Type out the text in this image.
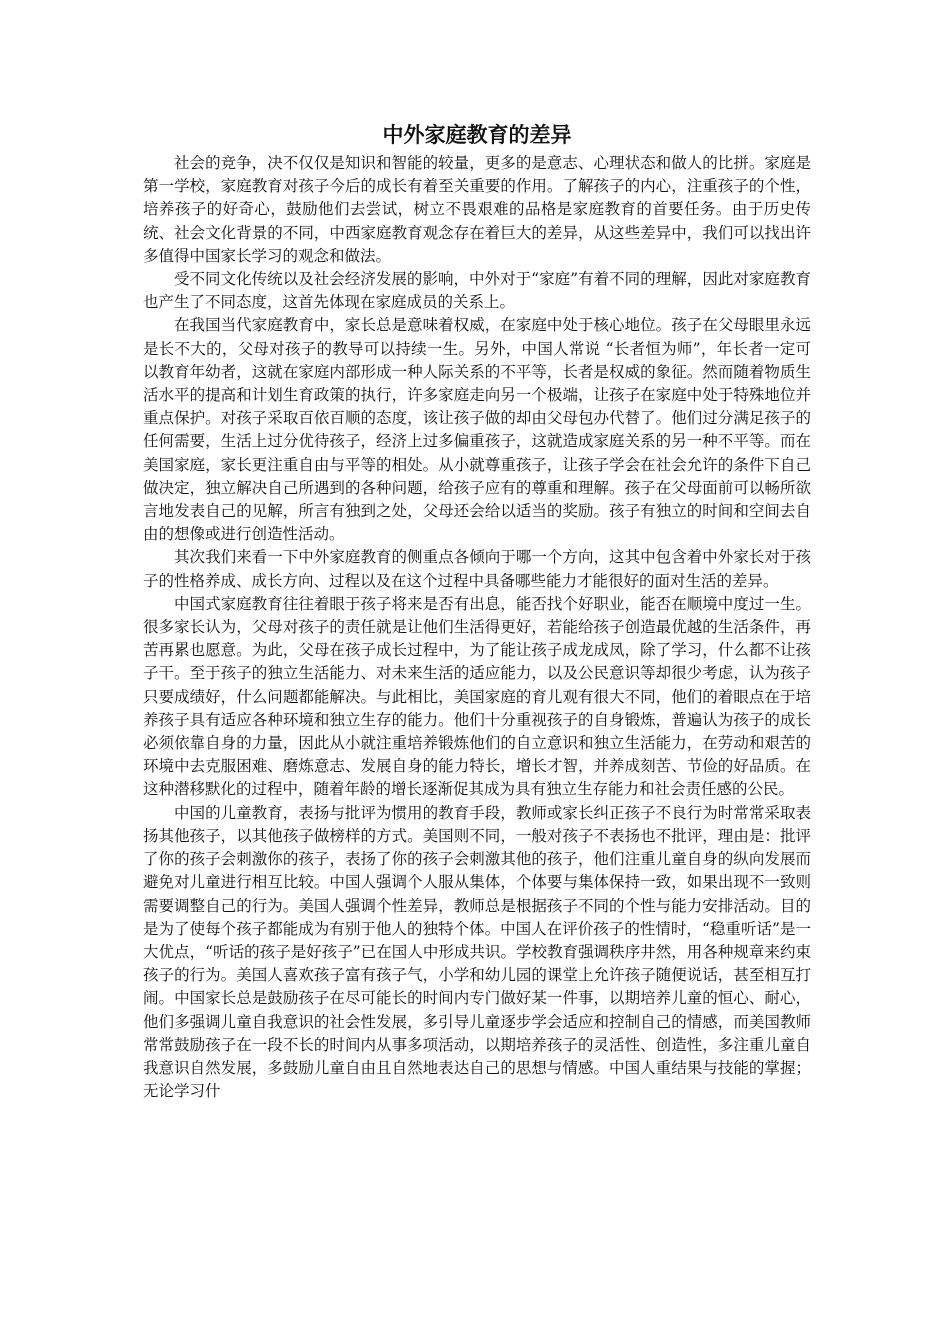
中外家庭教育的差异

社会的竞争，决不仅仅是知识和智能的较量，更多的是意志、心理状态和做人的比拼。家庭是第一学校，家庭教育对孩子今后的成长有着至关重要的作用。了解孩子的内心，注重孩子的个性，培养孩子的好奇心，鼓励他们去尝试，树立不畏艰难的品格是家庭教育的首要任务。由于历史传统、社会文化背景的不同，中西家庭教育观念存在着巨大的差异，从这些差异中，我们可以找出许多值得中国家长学习的观念和做法。

受不同文化传统以及社会经济发展的影响，中外对于“家庭”有着不同的理解，因此对家庭教育也产生了不同态度，这首先体现在家庭成员的关系上。

在我国当代家庭教育中，家长总是意味着权威，在家庭中处于核心地位。孩子在父母眼里永远是长不大的，父母对孩子的教导可以持续一生。另外，中国人常说 “长者恒为师”，年长者一定可以教育年幼者，这就在家庭内部形成一种人际关系的不平等，长者是权威的象征。然而随着物质生活水平的提高和计划生育政策的执行，许多家庭走向另一个极端，让孩子在家庭中处于特殊地位并重点保护。对孩子采取百依百顺的态度，该让孩子做的却由父母包办代替了。他们过分满足孩子的任何需要，生活上过分优待孩子，经济上过多偏重孩子，这就造成家庭关系的另一种不平等。而在美国家庭，家长更注重自由与平等的相处。从小就尊重孩子，让孩子学会在社会允许的条件下自己做决定，独立解决自己所遇到的各种问题，给孩子应有的尊重和理解。孩子在父母面前可以畅所欲言地发表自己的见解，所言有独到之处，父母还会给以适当的奖励。孩子有独立的时间和空间去自由的想像或进行创造性活动。

其次我们来看一下中外家庭教育的侧重点各倾向于哪一个方向，这其中包含着中外家长对于孩子的性格养成、成长方向、过程以及在这个过程中具备哪些能力才能很好的面对生活的差异。

中国式家庭教育往往着眼于孩子将来是否有出息，能否找个好职业，能否在顺境中度过一生。很多家长认为，父母对孩子的责任就是让他们生活得更好，若能给孩子创造最优越的生活条件，再苦再累也愿意。为此，父母在孩子成长过程中，为了能让孩子成龙成凤，除了学习，什么都不让孩子干。至于孩子的独立生活能力、对未来生活的适应能力，以及公民意识等却很少考虑，认为孩子只要成绩好，什么问题都能解决。与此相比，美国家庭的育儿观有很大不同，他们的着眼点在于培养孩子具有适应各种环境和独立生存的能力。他们十分重视孩子的自身锻炼，普遍认为孩子的成长必须依靠自身的力量，因此从小就注重培养锻炼他们的自立意识和独立生活能力，在劳动和艰苦的环境中去克服困难、磨炼意志、发展自身的能力特长，增长才智，并养成刻苦、节俭的好品质。在这种潜移默化的过程中，随着年龄的增长逐渐促其成为具有独立生存能力和社会责任感的公民。

中国的儿童教育，表扬与批评为惯用的教育手段，教师或家长纠正孩子不良行为时常常采取表扬其他孩子，以其他孩子做榜样的方式。美国则不同，一般对孩子不表扬也不批评，理由是：批评了你的孩子会刺激你的孩子，表扬了你的孩子会刺激其他的孩子，他们注重儿童自身的纵向发展而避免对儿童进行相互比较。中国人强调个人服从集体，个体要与集体保持一致，如果出现不一致则需要调整自己的行为。美国人强调个性差异，教师总是根据孩子不同的个性与能力安排活动。目的是为了使每个孩子都能成为有别于他人的独特个体。中国人在评价孩子的性情时，“稳重听话”是一大优点，“听话的孩子是好孩子”已在国人中形成共识。学校教育强调秩序井然，用各种规章来约束孩子的行为。美国人喜欢孩子富有孩子气，小学和幼儿园的课堂上允许孩子随便说话，甚至相互打闹。中国家长总是鼓励孩子在尽可能长的时间内专门做好某一件事，以期培养儿童的恒心、耐心，他们多强调儿童自我意识的社会性发展，多引导儿童逐步学会适应和控制自己的情感，而美国教师常常鼓励孩子在一段不长的时间内从事多项活动，以期培养孩子的灵活性、创造性，多注重儿童自我意识自然发展，多鼓励儿童自由且自然地表达自己的思想与情感。中国人重结果与技能的掌握；无论学习什
